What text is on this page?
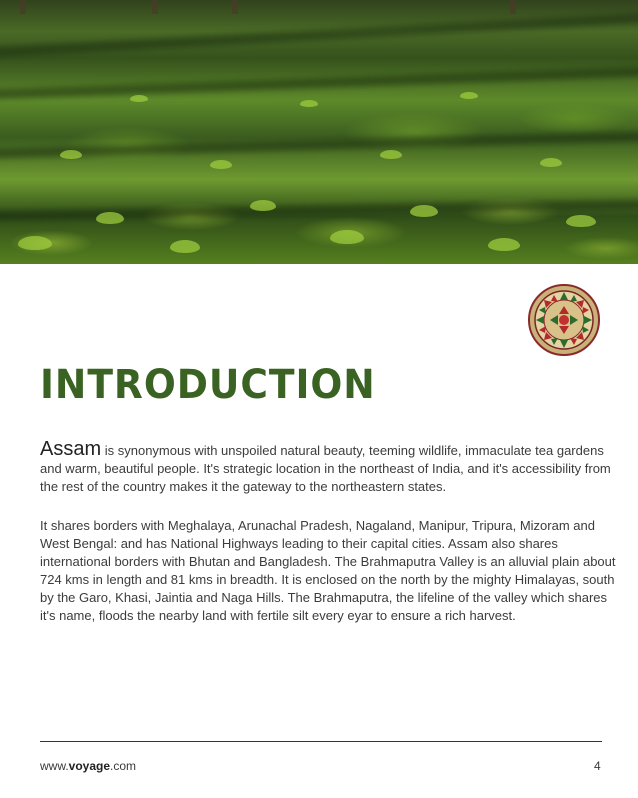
INTRODUCTION

Assam is synonymous with unspoiled natural beauty, teeming wildlife, immaculate tea gardens and warm, beautiful people. It's strategic location in the northeast of India, and it's accessibility from the rest of the country makes it the gateway to the northeastern states.

It shares borders with Meghalaya, Arunachal Pradesh, Nagaland, Manipur, Tripura, Mizoram and West Bengal: and has National Highways leading to their capital cities. Assam also shares international borders with Bhutan and Bangladesh. The Brahmaputra Valley is an alluvial plain about 724 kms in length and 81 kms in breadth. It is enclosed on the north by the mighty Himalayas, south by the Garo, Khasi, Jaintia and Naga Hills. The Brahmaputra, the lifeline of the valley which shares it's name, floods the nearby land with fertile silt every eyar to ensure a rich harvest.

www.voyage.com	4
